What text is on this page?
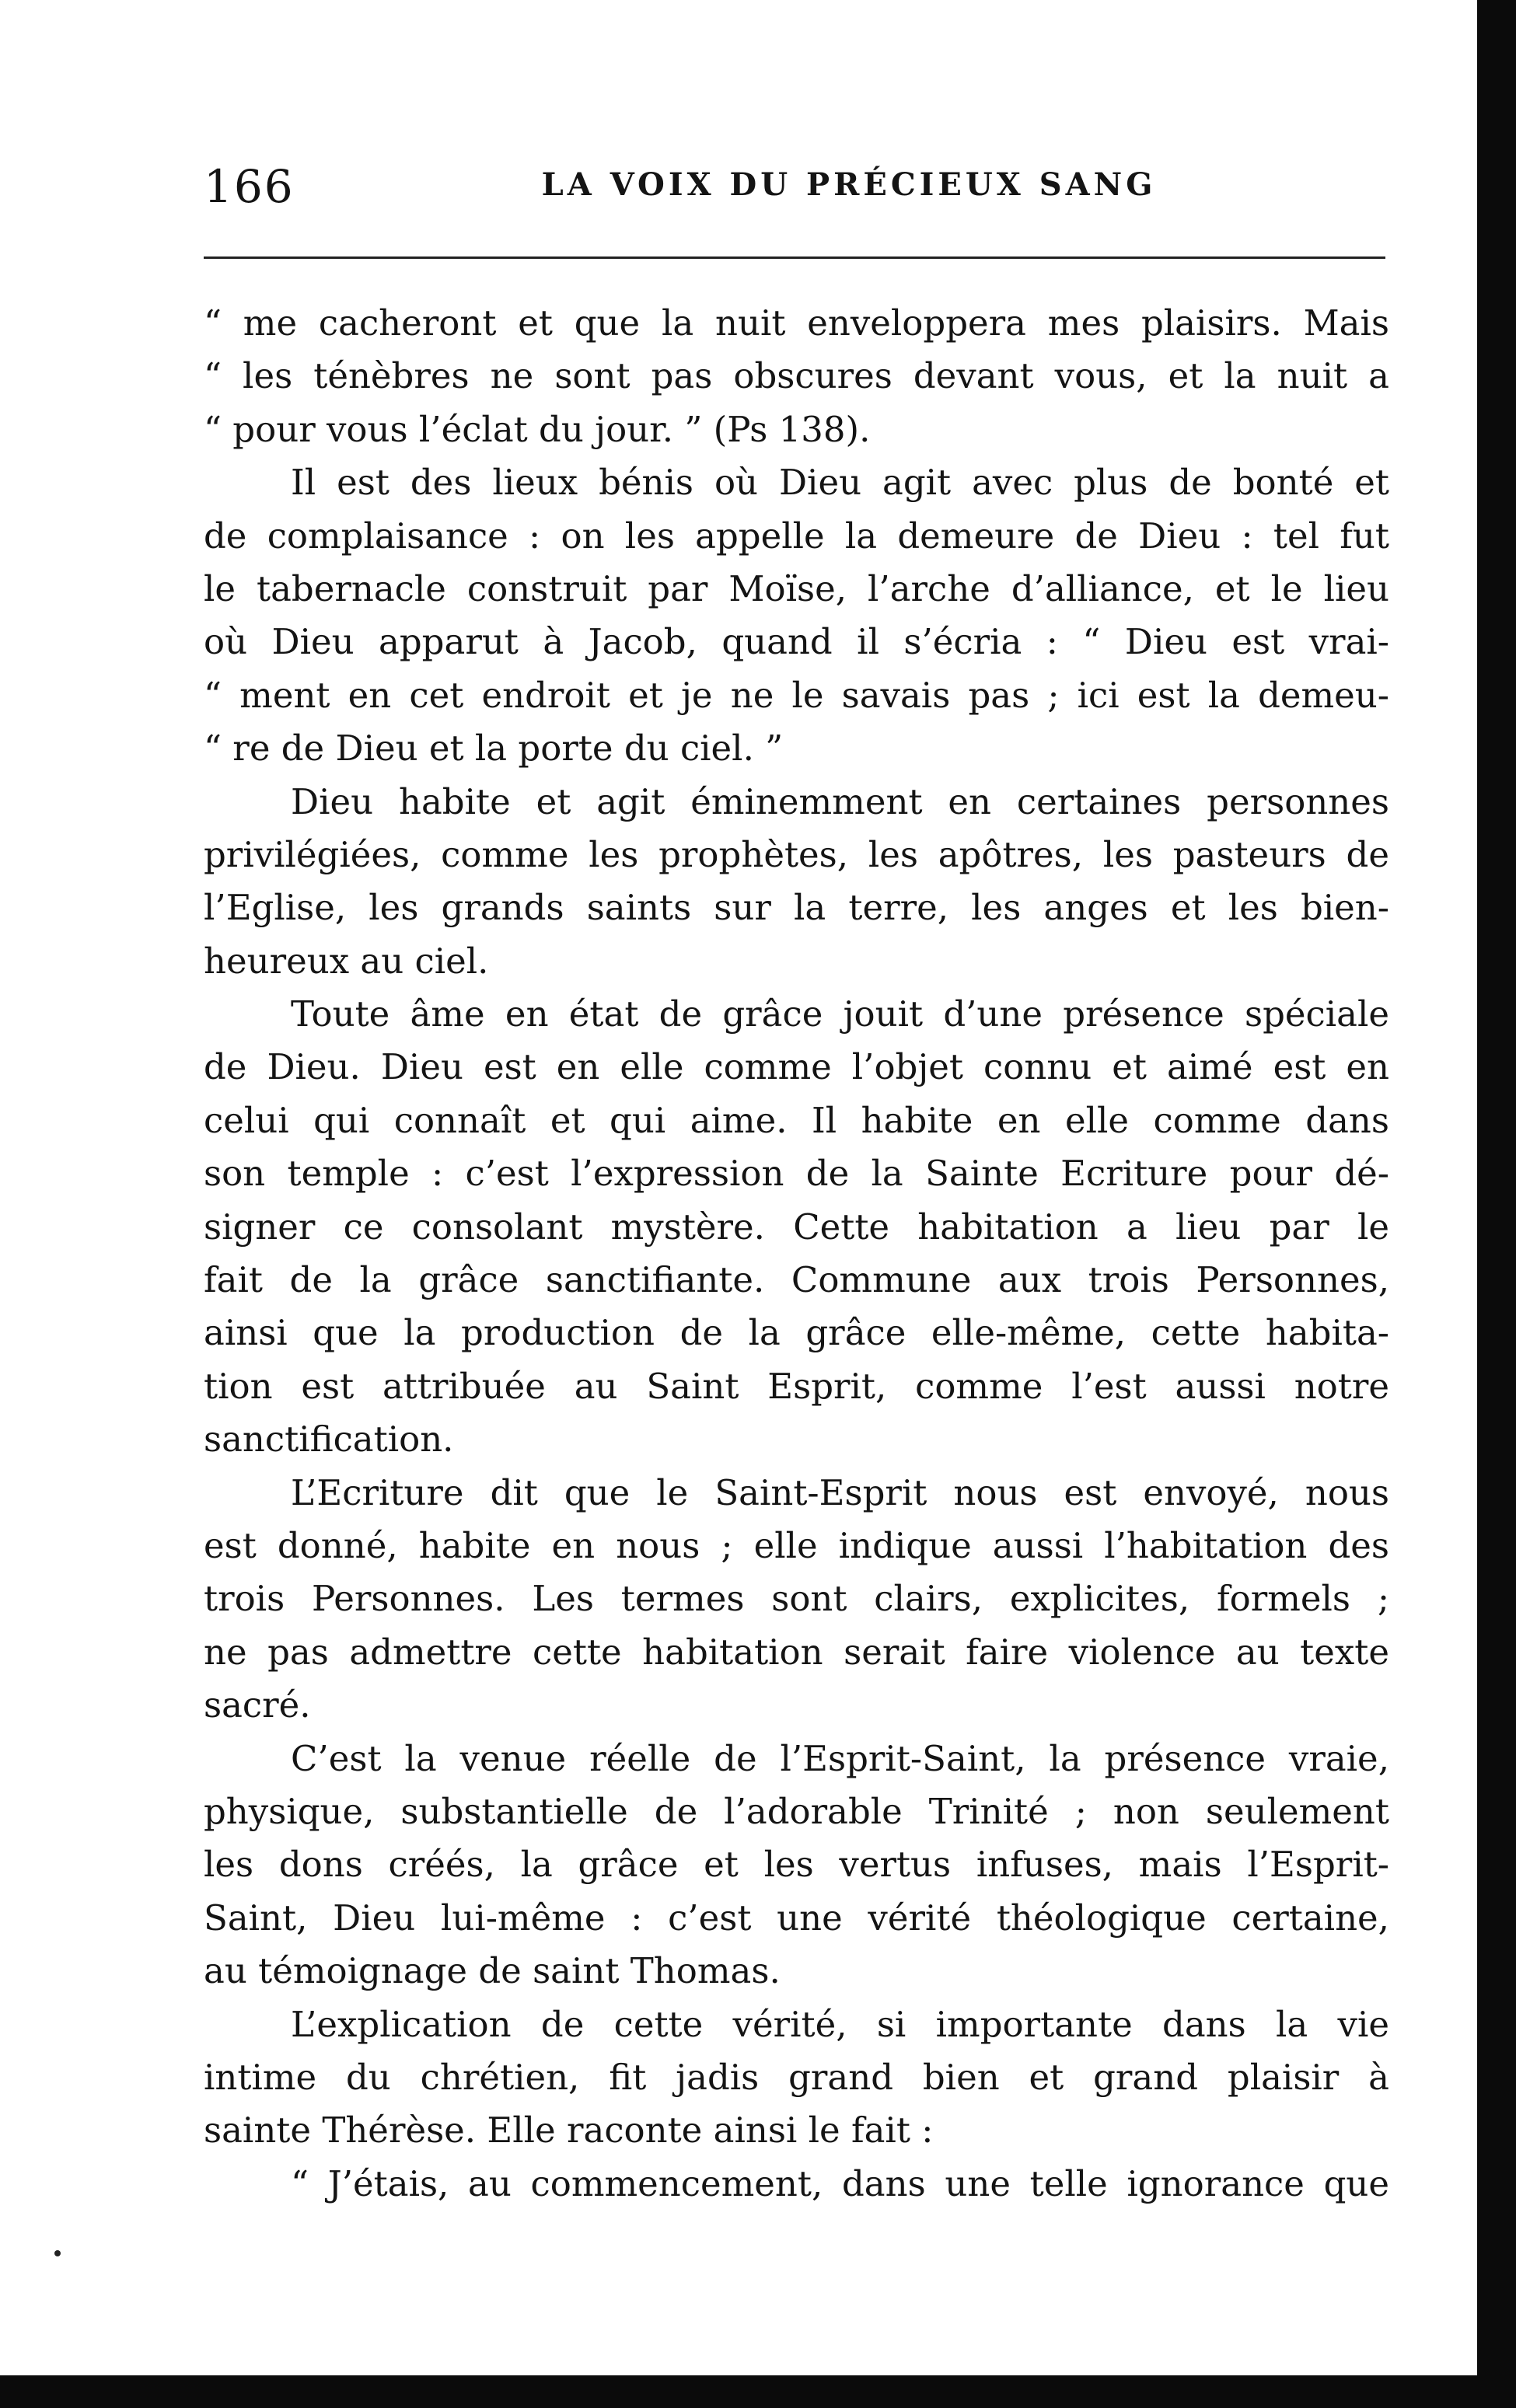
166	LA VOIX DU PRÉCIEUX SANG
“ me cacheront et que la nuit enveloppera mes plaisirs. Mais
“ les ténèbres ne sont pas obscures devant vous, et la nuit a
“ pour vous l’éclat du jour. ” (Ps 138).
Il est des lieux bénis où Dieu agit avec plus de bonté et
de complaisance : on les appelle la demeure de Dieu : tel fut
le tabernacle construit par Moïse, l’arche d’alliance, et le lieu
où Dieu apparut à Jacob, quand il s’écria : “ Dieu est vrai-
“ ment en cet endroit et je ne le savais pas ; ici est la demeu-
“ re de Dieu et la porte du ciel. ”
Dieu habite et agit éminemment en certaines personnes
privilégiées, comme les prophètes, les apôtres, les pasteurs de
l’Eglise, les grands saints sur la terre, les anges et les bien-
heureux au ciel.
Toute âme en état de grâce jouit d’une présence spéciale
de Dieu. Dieu est en elle comme l’objet connu et aimé est en
celui qui connaît et qui aime. Il habite en elle comme dans
son temple : c’est l’expression de la Sainte Ecriture pour dé-
signer ce consolant mystère. Cette habitation a lieu par le
fait de la grâce sanctifiante. Commune aux trois Personnes,
ainsi que la production de la grâce elle-même, cette habita-
tion est attribuée au Saint Esprit, comme l’est aussi notre
sanctification.
L’Ecriture dit que le Saint-Esprit nous est envoyé, nous
est donné, habite en nous ; elle indique aussi l’habitation des
trois Personnes. Les termes sont clairs, explicites, formels ;
ne pas admettre cette habitation serait faire violence au texte
sacré.
C’est la venue réelle de l’Esprit-Saint, la présence vraie,
physique, substantielle de l’adorable Trinité ; non seulement
les dons créés, la grâce et les vertus infuses, mais l’Esprit-
Saint, Dieu lui-même : c’est une vérité théologique certaine,
au témoignage de saint Thomas.
L’explication de cette vérité, si importante dans la vie
intime du chrétien, fit jadis grand bien et grand plaisir à
sainte Thérèse. Elle raconte ainsi le fait :
“ J’étais, au commencement, dans une telle ignorance que
